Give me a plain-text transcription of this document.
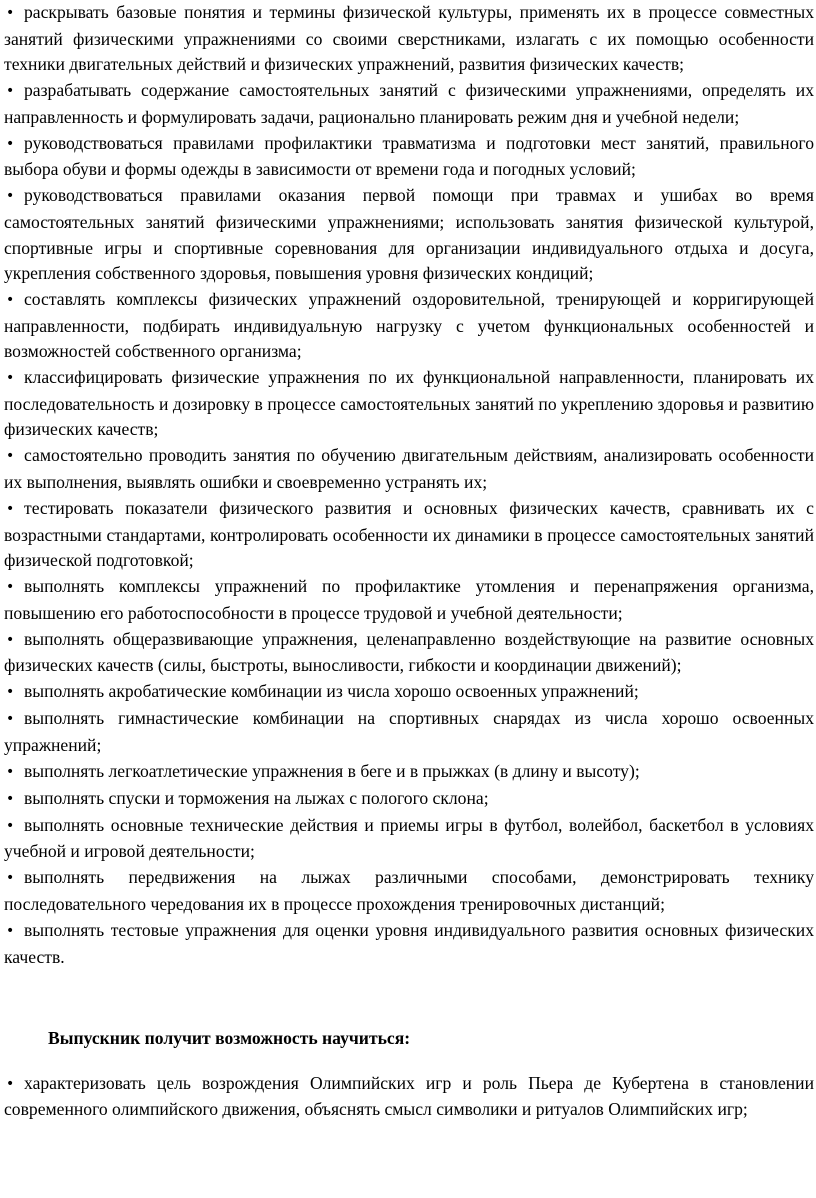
• раскрывать базовые понятия и термины физической культуры, применять их в процессе совместных занятий физическими упражнениями со своими сверстниками, излагать с их помощью особенности техники двигательных действий и физических упражнений, развития физических качеств;

• разрабатывать содержание самостоятельных занятий с физическими упражнениями, определять их направленность и формулировать задачи, рационально планировать режим дня и учебной недели;

• руководствоваться правилами профилактики травматизма и подготовки мест занятий, правильного выбора обуви и формы одежды в зависимости от времени года и погодных условий;

• руководствоваться правилами оказания первой помощи при травмах и ушибах во время самостоятельных занятий физическими упражнениями; использовать занятия физической культурой, спортивные игры и спортивные соревнования для организации индивидуального отдыха и досуга, укрепления собственного здоровья, повышения уровня физических кондиций;

• составлять комплексы физических упражнений оздоровительной, тренирующей и корригирующей направленности, подбирать индивидуальную нагрузку с учетом функциональных особенностей и возможностей собственного организма;

• классифицировать физические упражнения по их функциональной направленности, планировать их последовательность и дозировку в процессе самостоятельных занятий по укреплению здоровья и развитию физических качеств;

• самостоятельно проводить занятия по обучению двигательным действиям, анализировать особенности их выполнения, выявлять ошибки и своевременно устранять их;

• тестировать показатели физического развития и основных физических качеств, сравнивать их с возрастными стандартами, контролировать особенности их динамики в процессе самостоятельных занятий физической подготовкой;

• выполнять комплексы упражнений по профилактике утомления и перенапряжения организма, повышению его работоспособности в процессе трудовой и учебной деятельности;

• выполнять общеразвивающие упражнения, целенаправленно воздействующие на развитие основных физических качеств (силы, быстроты, выносливости, гибкости и координации движений);

• выполнять акробатические комбинации из числа хорошо освоенных упражнений;

• выполнять гимнастические комбинации на спортивных снарядах из числа хорошо освоенных упражнений;

• выполнять легкоатлетические упражнения в беге и в прыжках (в длину и высоту);

• выполнять спуски и торможения на лыжах с пологого склона;

• выполнять основные технические действия и приемы игры в футбол, волейбол, баскетбол в условиях учебной и игровой деятельности;

• выполнять передвижения на лыжах различными способами, демонстрировать технику последовательного чередования их в процессе прохождения тренировочных дистанций;

• выполнять тестовые упражнения для оценки уровня индивидуального развития основных физических качеств.

Выпускник получит возможность научиться:

• характеризовать цель возрождения Олимпийских игр и роль Пьера де Кубертена в становлении современного олимпийского движения, объяснять смысл символики и ритуалов Олимпийских игр;
